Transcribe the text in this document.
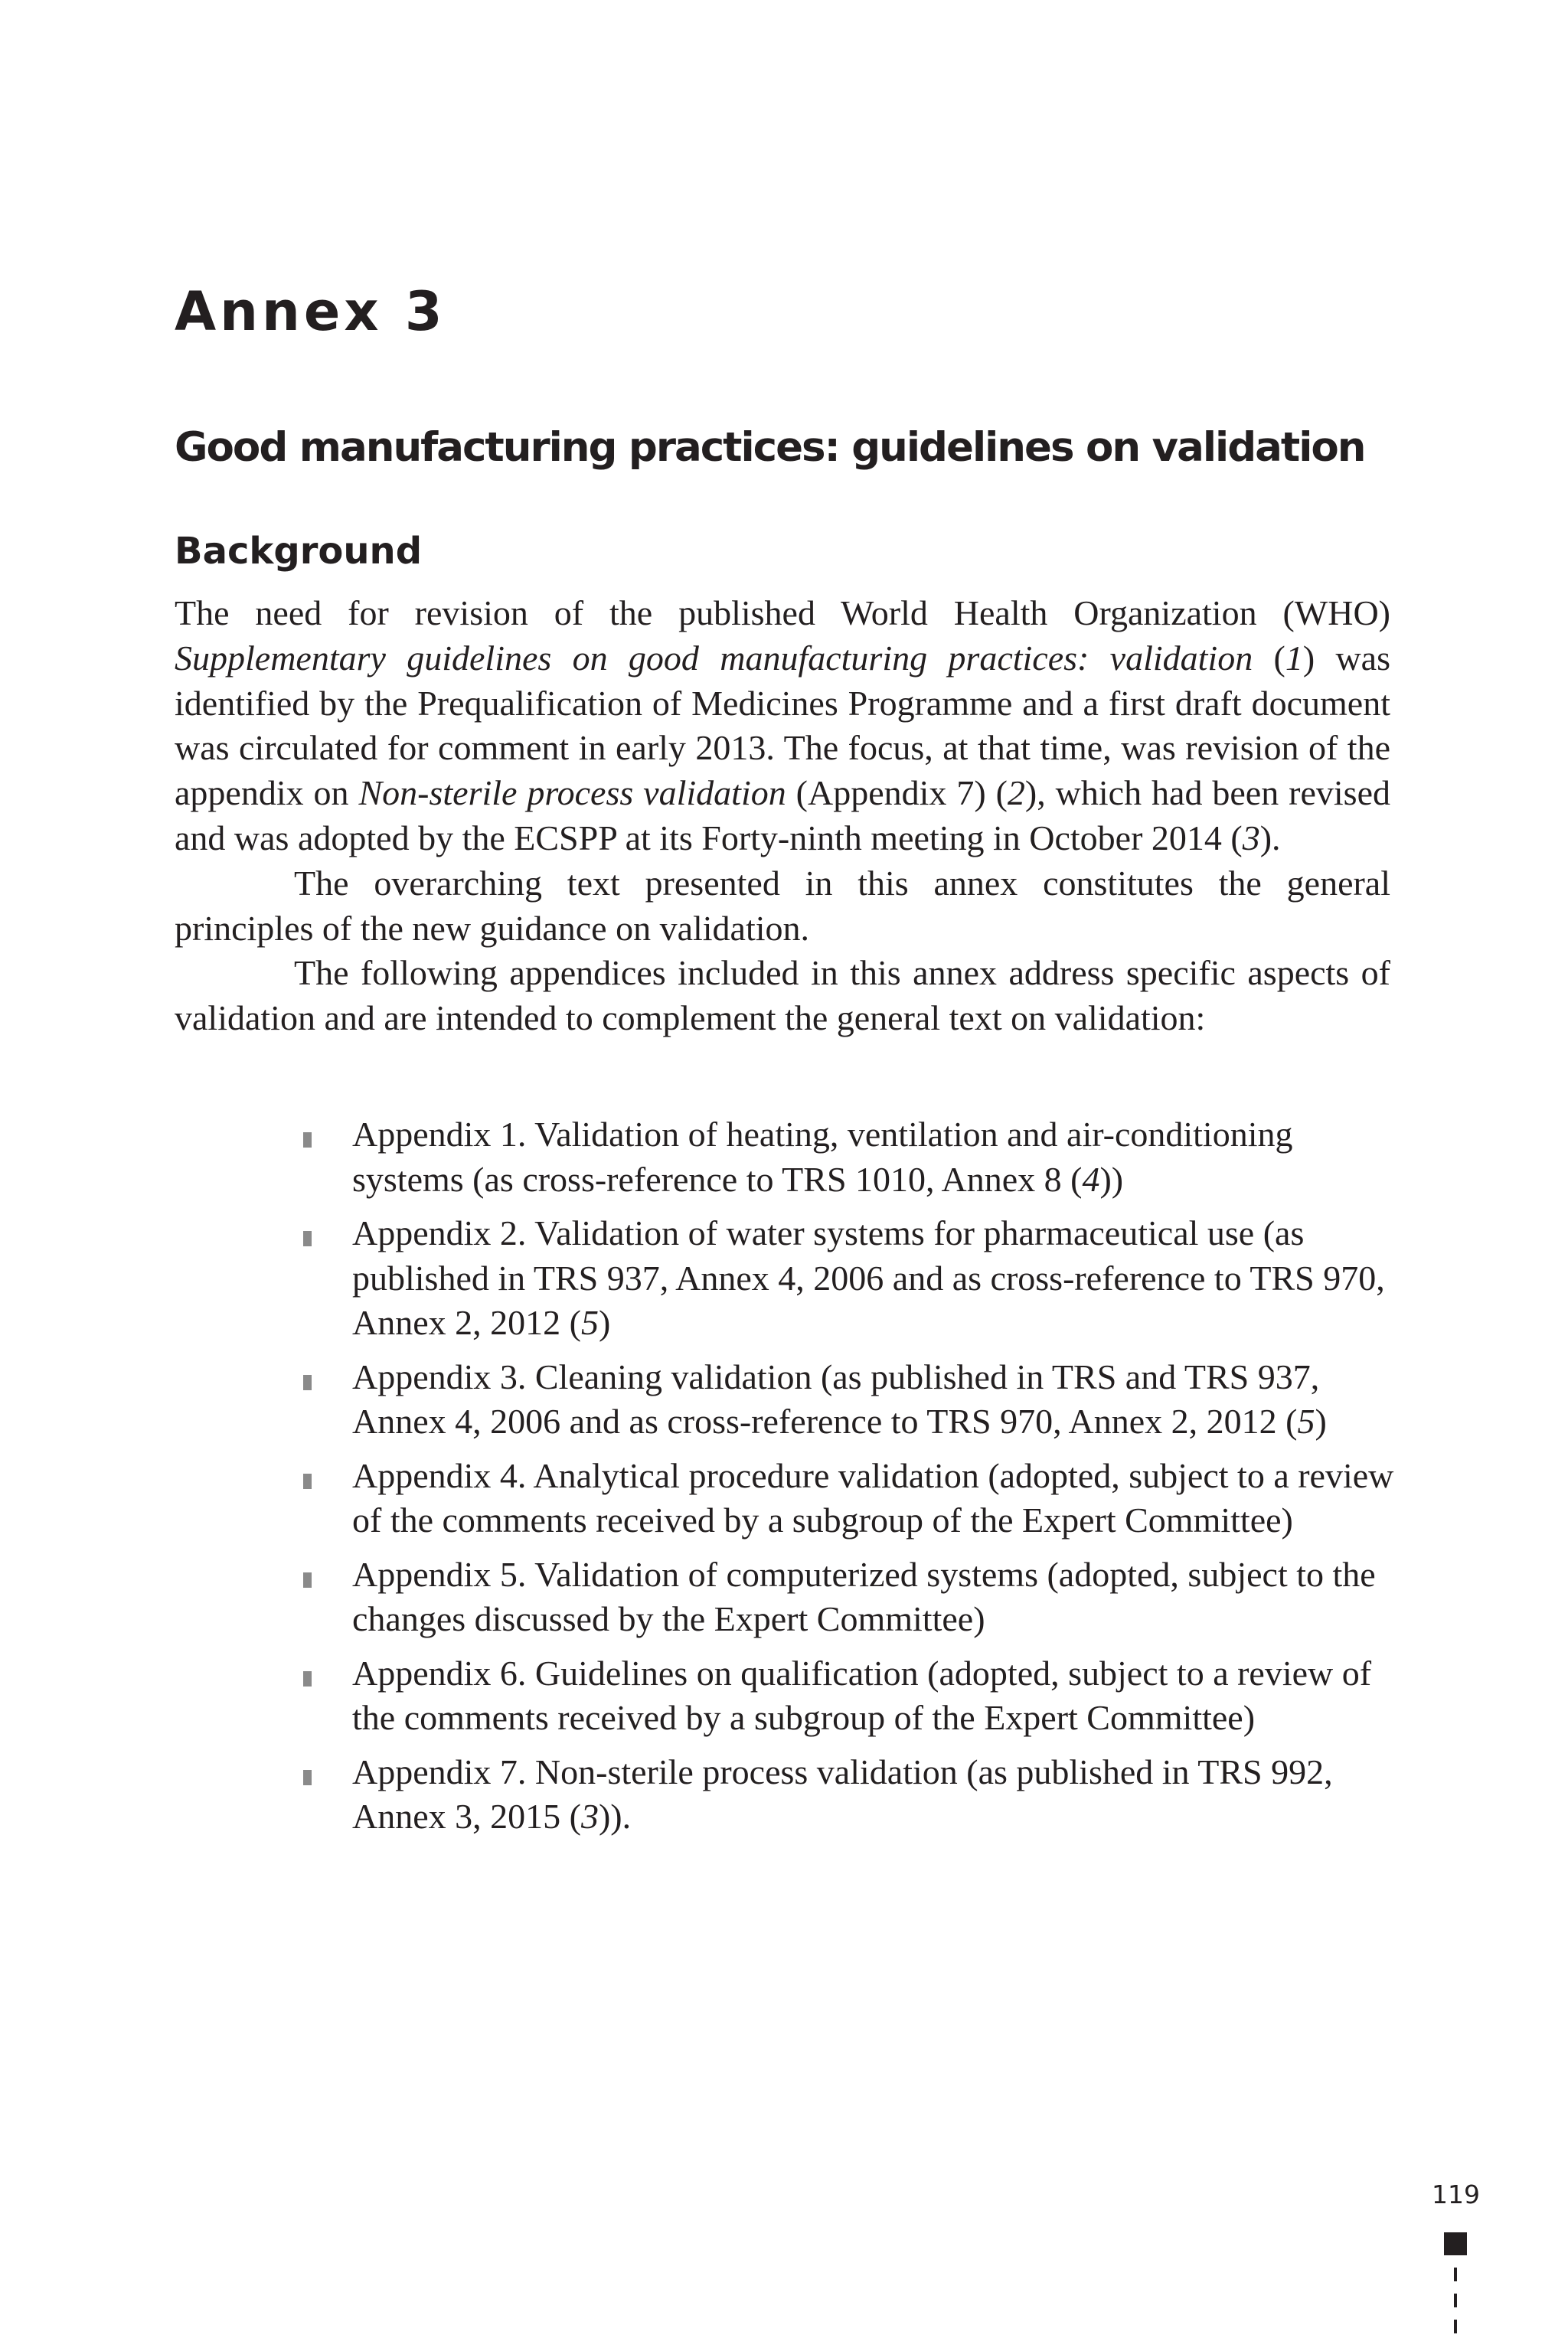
Annex 3
Good manufacturing practices: guidelines on validation
Background

The need for revision of the published World Health Organization (WHO) Supplementary guidelines on good manufacturing practices: validation (1) was identified by the Prequalification of Medicines Programme and a first draft document was circulated for comment in early 2013. The focus, at that time, was revision of the appendix on Non-sterile process validation (Appendix 7) (2), which had been revised and was adopted by the ECSPP at its Forty-ninth meeting in October 2014 (3).

The overarching text presented in this annex constitutes the general principles of the new guidance on validation.

The following appendices included in this annex address specific aspects of validation and are intended to complement the general text on validation:

Appendix 1. Validation of heating, ventilation and air-conditioning systems (as cross-reference to TRS 1010, Annex 8 (4))
Appendix 2. Validation of water systems for pharmaceutical use (as published in TRS 937, Annex 4, 2006 and as cross-reference to TRS 970, Annex 2, 2012 (5)
Appendix 3. Cleaning validation (as published in TRS and TRS 937, Annex 4, 2006 and as cross-reference to TRS 970, Annex 2, 2012 (5)
Appendix 4. Analytical procedure validation (adopted, subject to a review of the comments received by a subgroup of the Expert Committee)
Appendix 5. Validation of computerized systems (adopted, subject to the changes discussed by the Expert Committee)
Appendix 6. Guidelines on qualification (adopted, subject to a review of the comments received by a subgroup of the Expert Committee)
Appendix 7. Non-sterile process validation (as published in TRS 992, Annex 3, 2015 (3)).
119
